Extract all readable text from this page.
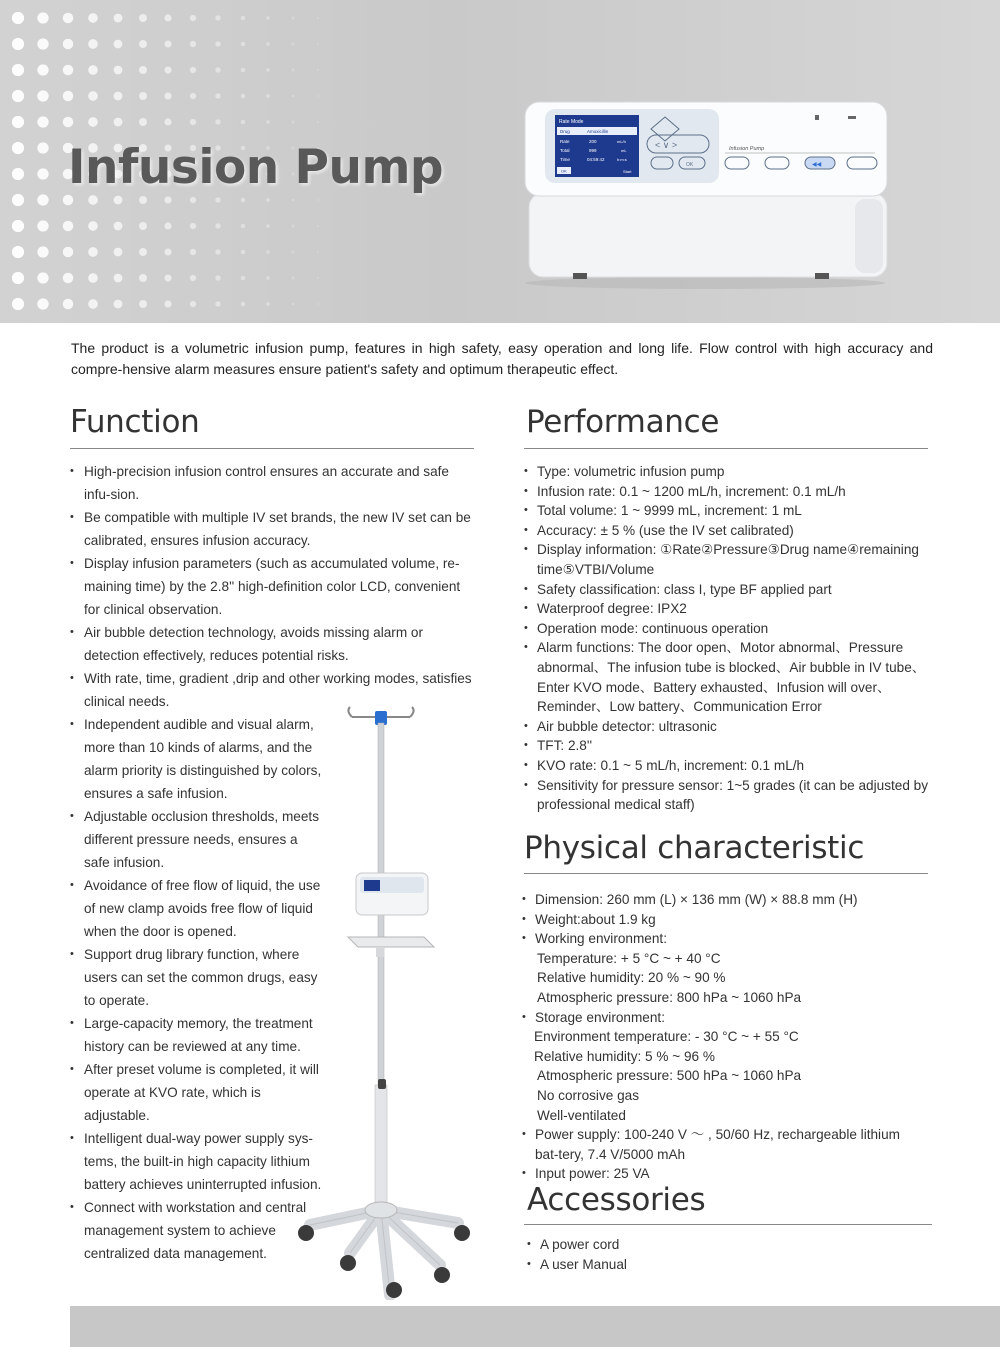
Infusion Pump
Rate Mode
Drug	Amoxicillin
Rate	200	mL/h
Total	999	mL
Time	04:59:42	h:m:s
OK	Start
< ∨ >
OK	◀◀
Infusion Pump

The product is a volumetric infusion pump, features in high safety, easy operation and long life. Flow control with high accuracy and compre-hensive alarm measures ensure patient's safety and optimum therapeutic effect.

Function
• High-precision infusion control ensures an accurate and safe infu-sion.
• Be compatible with multiple IV set brands, the new IV set can be calibrated, ensures infusion accuracy.
• Display infusion parameters (such as accumulated volume, re-maining time) by the 2.8'' high-definition color LCD, convenient for clinical observation.
• Air bubble detection technology, avoids missing alarm or detection effectively, reduces potential risks.
• With rate, time, gradient ,drip and other working modes, satisfies clinical needs.
• Independent audible and visual alarm, more than 10 kinds of alarms, and the alarm priority is distinguished by colors, ensures a safe infusion.
• Adjustable occlusion thresholds, meets different pressure needs, ensures a safe infusion.
• Avoidance of free flow of liquid, the use of new clamp avoids free flow of liquid when the door is opened.
• Support drug library function, where users can set the common drugs, easy to operate.
• Large-capacity memory, the treatment history can be reviewed at any time.
• After preset volume is completed, it will operate at KVO rate, which is adjustable.
• Intelligent dual-way power supply sys-tems, the built-in high capacity lithium battery achieves uninterrupted infusion.
• Connect with workstation and central management system to achieve centralized data management.
Performance
• Type: volumetric infusion pump
• Infusion rate: 0.1 ~ 1200 mL/h, increment: 0.1 mL/h
• Total volume: 1 ~ 9999 mL, increment: 1 mL
• Accuracy: ± 5 % (use the IV set calibrated)
• Display information: ①Rate②Pressure③Drug name④remaining time⑤VTBI/Volume
• Safety classification: class I, type BF applied part
• Waterproof degree: IPX2
• Operation mode: continuous operation
• Alarm functions: The door open、Motor abnormal、Pressure abnormal、The infusion tube is blocked、Air bubble in IV tube、Enter KVO mode、Battery exhausted、Infusion will over、Reminder、Low battery、Communication Error
• Air bubble detector: ultrasonic
• TFT: 2.8''
• KVO rate: 0.1 ~ 5 mL/h, increment: 0.1 mL/h
• Sensitivity for pressure sensor: 1~5 grades (it can be adjusted by professional medical staff)
Physical characteristic
• Dimension: 260 mm (L) × 136 mm (W) × 88.8 mm (H)
• Weight:about 1.9 kg
• Working environment:
Temperature: + 5 °C ~ + 40 °C
Relative humidity: 20 % ~ 90 %
Atmospheric pressure: 800 hPa ~ 1060 hPa
• Storage environment:
Environment temperature: - 30 °C ~ + 55 °C
Relative humidity: 5 % ~ 96 %
Atmospheric pressure: 500 hPa ~ 1060 hPa
No corrosive gas
Well-ventilated
• Power supply: 100-240 V ～ , 50/60 Hz, rechargeable lithium bat-tery, 7.4 V/5000 mAh
• Input power: 25 VA
Accessories
• A power cord
• A user Manual
